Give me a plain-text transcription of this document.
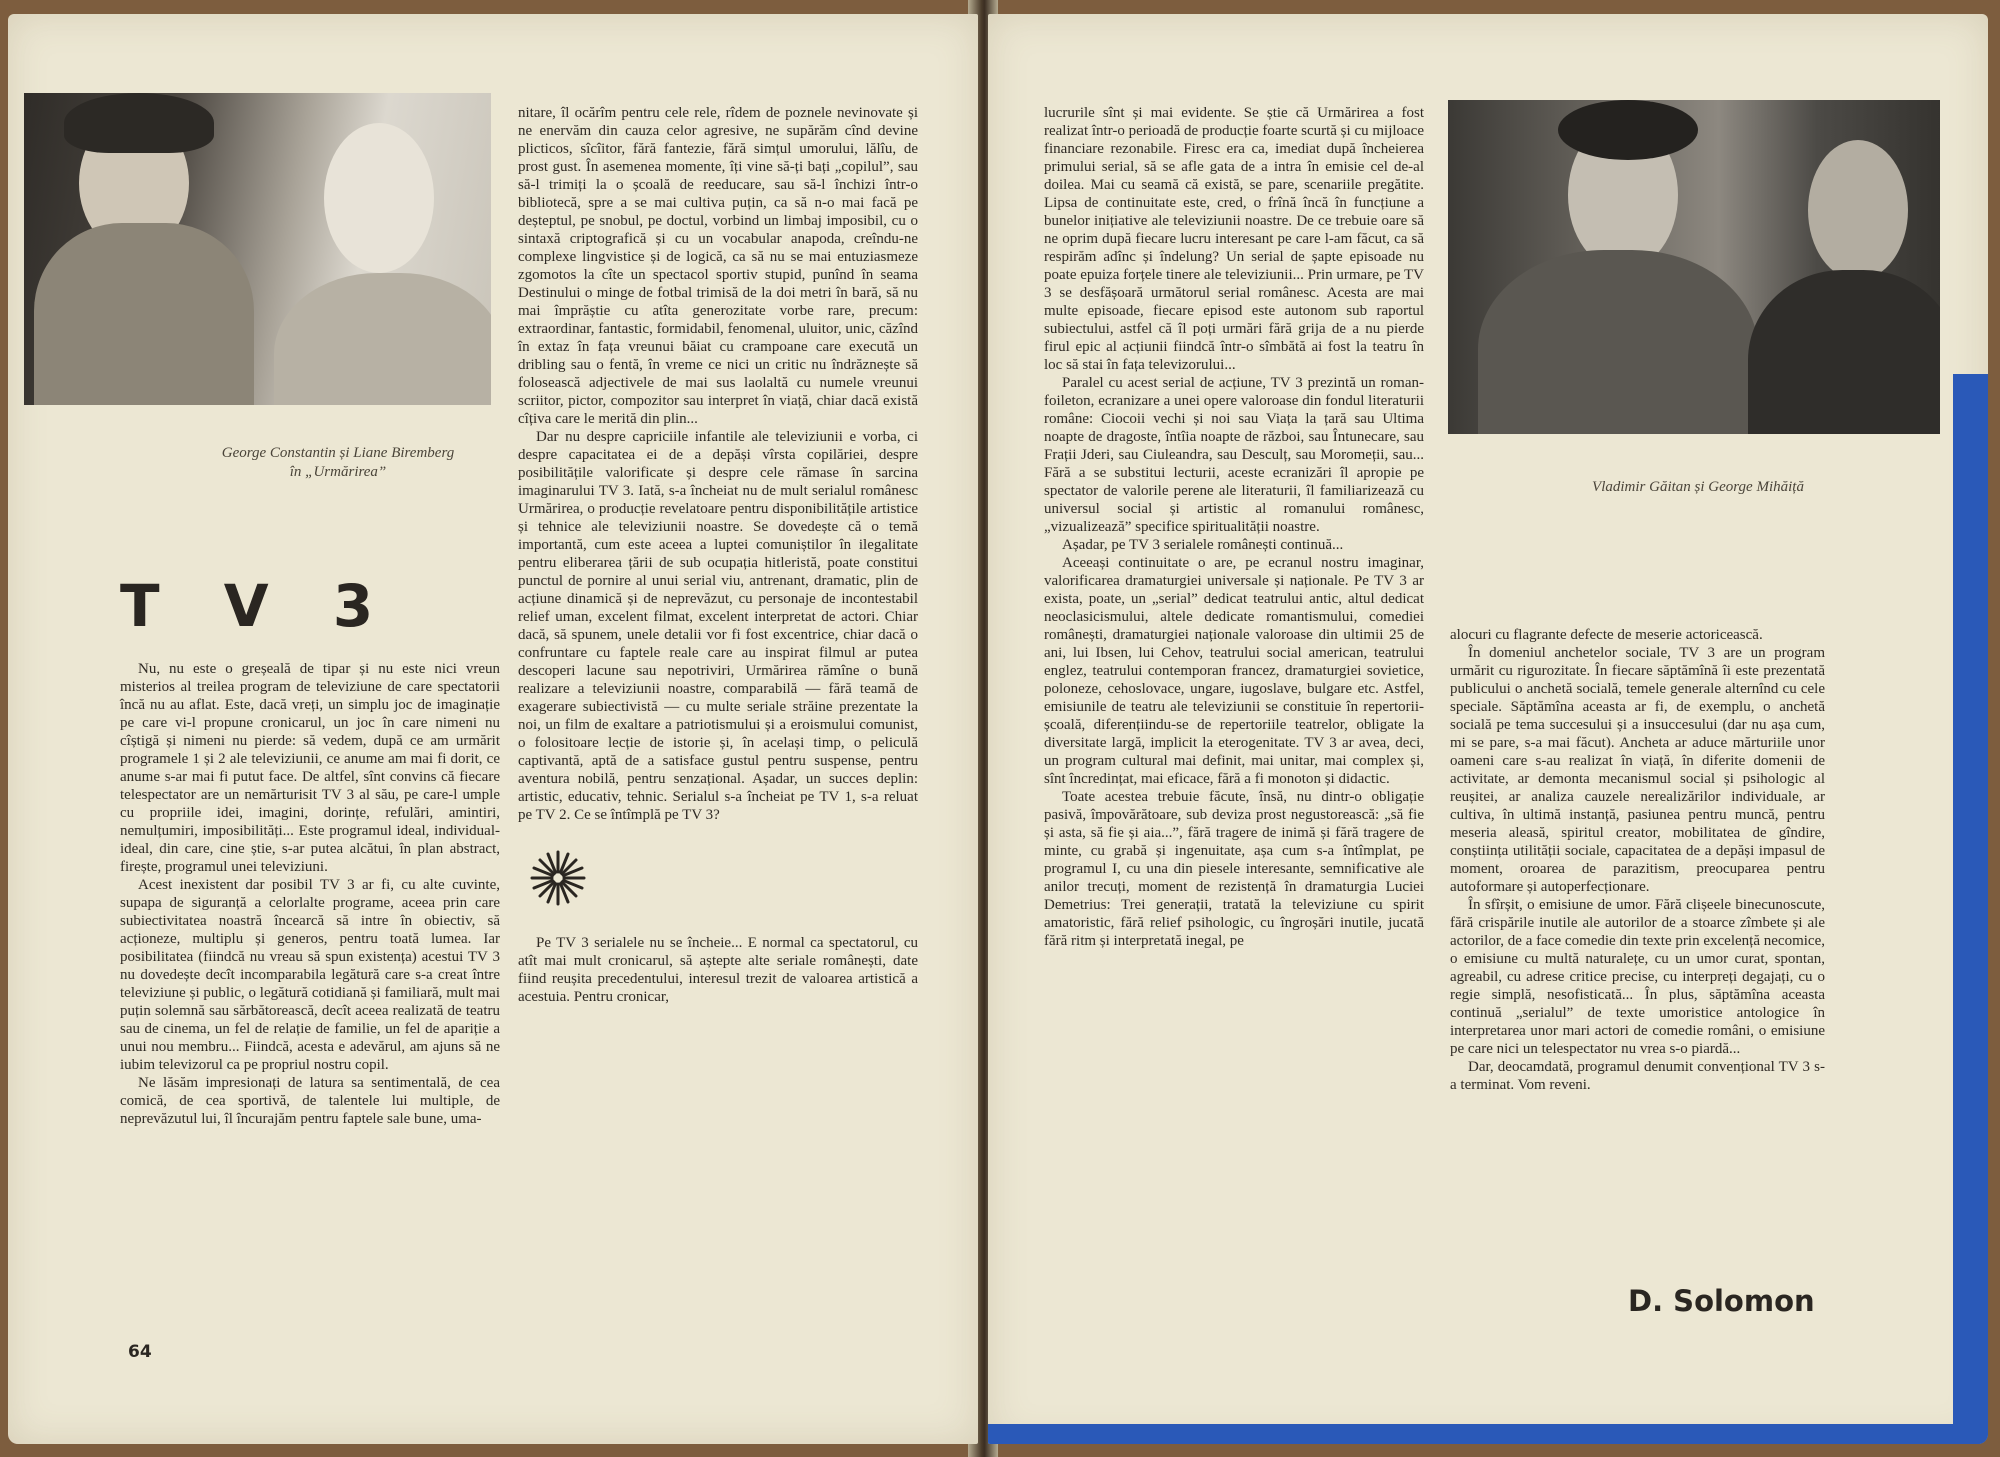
George Constantin și Liane Biremberg
în „Urmărirea”
T V 3

Nu, nu este o greșeală de tipar și nu este nici vreun misterios al treilea program de televiziune de care spectatorii încă nu au aflat. Este, dacă vreți, un simplu joc de imaginație pe care vi-l propune cronicarul, un joc în care nimeni nu cîștigă și nimeni nu pierde: să vedem, după ce am urmărit programele 1 și 2 ale televiziunii, ce anume am mai fi dorit, ce anume s-ar mai fi putut face. De altfel, sînt convins că fiecare telespectator are un nemărturisit TV 3 al său, pe care-l umple cu propriile idei, imagini, dorințe, refulări, amintiri, nemulțumiri, imposibilități... Este programul ideal, individual-ideal, din care, cine știe, s-ar putea alcătui, în plan abstract, firește, programul unei televiziuni.

Acest inexistent dar posibil TV 3 ar fi, cu alte cuvinte, supapa de siguranță a celorlalte programe, aceea prin care subiectivitatea noastră încearcă să intre în obiectiv, să acționeze, multiplu și generos, pentru toată lumea. Iar posibilitatea (fiindcă nu vreau să spun existența) acestui TV 3 nu dovedește decît incomparabila legătură care s-a creat între televiziune și public, o legătură cotidiană și familiară, mult mai puțin solemnă sau sărbătorească, decît aceea realizată de teatru sau de cinema, un fel de relație de familie, un fel de apariție a unui nou membru... Fiindcă, acesta e adevărul, am ajuns să ne iubim televizorul ca pe propriul nostru copil.

Ne lăsăm impresionați de latura sa sentimentală, de cea comică, de cea sportivă, de talentele lui multiple, de neprevăzutul lui, îl încurajăm pentru faptele sale bune, uma-

nitare, îl ocărîm pentru cele rele, rîdem de poznele nevinovate și ne enervăm din cauza celor agresive, ne supărăm cînd devine plicticos, sîcîitor, fără fantezie, fără simțul umorului, lălîu, de prost gust. În asemenea momente, îți vine să-ți bați „copilul”, sau să-l trimiți la o școală de reeducare, sau să-l închizi într-o bibliotecă, spre a se mai cultiva puțin, ca să n-o mai facă pe deșteptul, pe snobul, pe doctul, vorbind un limbaj imposibil, cu o sintaxă criptografică și cu un vocabular anapoda, creîndu-ne complexe lingvistice și de logică, ca să nu se mai entuziasmeze zgomotos la cîte un spectacol sportiv stupid, punînd în seama Destinului o minge de fotbal trimisă de la doi metri în bară, să nu mai împrăștie cu atîta generozitate vorbe rare, precum: extraordinar, fantastic, formidabil, fenomenal, uluitor, unic, căzînd în extaz în fața vreunui băiat cu crampoane care execută un dribling sau o fentă, în vreme ce nici un critic nu îndrăznește să folosească adjectivele de mai sus laolaltă cu numele vreunui scriitor, pictor, compozitor sau interpret în viață, chiar dacă există cîțiva care le merită din plin...

Dar nu despre capriciile infantile ale televiziunii e vorba, ci despre capacitatea ei de a depăși vîrsta copilăriei, despre posibilitățile valorificate și despre cele rămase în sarcina imaginarului TV 3. Iată, s-a încheiat nu de mult serialul românesc Urmărirea, o producție revelatoare pentru disponibilitățile artistice și tehnice ale televiziunii noastre. Se dovedește că o temă importantă, cum este aceea a luptei comuniștilor în ilegalitate pentru eliberarea țării de sub ocupația hitleristă, poate constitui punctul de pornire al unui serial viu, antrenant, dramatic, plin de acțiune dinamică și de neprevăzut, cu personaje de incontestabil relief uman, excelent filmat, excelent interpretat de actori. Chiar dacă, să spunem, unele detalii vor fi fost excentrice, chiar dacă o confruntare cu faptele reale care au inspirat filmul ar putea descoperi lacune sau nepotriviri, Urmărirea rămîne o bună realizare a televiziunii noastre, comparabilă — fără teamă de exagerare subiectivistă — cu multe seriale străine prezentate la noi, un film de exaltare a patriotismului și a eroismului comunist, o folositoare lecție de istorie și, în același timp, o peliculă captivantă, aptă de a satisface gustul pentru suspense, pentru aventura nobilă, pentru senzațional. Așadar, un succes deplin: artistic, educativ, tehnic. Serialul s-a încheiat pe TV 1, s-a reluat pe TV 2. Ce se întîmplă pe TV 3?

Pe TV 3 serialele nu se încheie... E normal ca spectatorul, cu atît mai mult cronicarul, să aștepte alte seriale românești, date fiind reușita precedentului, interesul trezit de valoarea artistică a acestuia. Pentru cronicar,

64

lucrurile sînt și mai evidente. Se știe că Urmărirea a fost realizat într-o perioadă de producție foarte scurtă și cu mijloace financiare rezonabile. Firesc era ca, imediat după încheierea primului serial, să se afle gata de a intra în emisie cel de-al doilea. Mai cu seamă că există, se pare, scenariile pregătite. Lipsa de continuitate este, cred, o frînă încă în funcțiune a bunelor inițiative ale televiziunii noastre. De ce trebuie oare să ne oprim după fiecare lucru interesant pe care l-am făcut, ca să respirăm adînc și îndelung? Un serial de șapte episoade nu poate epuiza forțele tinere ale televiziunii... Prin urmare, pe TV 3 se desfășoară următorul serial românesc. Acesta are mai multe episoade, fiecare episod este autonom sub raportul subiectului, astfel că îl poți urmări fără grija de a nu pierde firul epic al acțiunii fiindcă într-o sîmbătă ai fost la teatru în loc să stai în fața televizorului...

Paralel cu acest serial de acțiune, TV 3 prezintă un roman-foileton, ecranizare a unei opere valoroase din fondul literaturii române: Ciocoii vechi și noi sau Viața la țară sau Ultima noapte de dragoste, întîia noapte de război, sau Întunecare, sau Frații Jderi, sau Ciuleandra, sau Desculț, sau Moromeții, sau... Fără a se substitui lecturii, aceste ecranizări îl apropie pe spectator de valorile perene ale literaturii, îl familiarizează cu universul social și artistic al romanului românesc, „vizualizează” specifice spiritualității noastre.

Așadar, pe TV 3 serialele românești continuă...

Aceeași continuitate o are, pe ecranul nostru imaginar, valorificarea dramaturgiei universale și naționale. Pe TV 3 ar exista, poate, un „serial” dedicat teatrului antic, altul dedicat neoclasicismului, altele dedicate romantismului, comediei românești, dramaturgiei naționale valoroase din ultimii 25 de ani, lui Ibsen, lui Cehov, teatrului social american, teatrului englez, teatrului contemporan francez, dramaturgiei sovietice, poloneze, cehoslovace, ungare, iugoslave, bulgare etc. Astfel, emisiunile de teatru ale televiziunii se constituie în repertorii-școală, diferențiindu-se de repertoriile teatrelor, obligate la diversitate largă, implicit la eterogenitate. TV 3 ar avea, deci, un program cultural mai definit, mai unitar, mai complex și, sînt încredințat, mai eficace, fără a fi monoton și didactic.

Toate acestea trebuie făcute, însă, nu dintr-o obligație pasivă, împovărătoare, sub deviza prost negustorească: „să fie și asta, să fie și aia...”, fără tragere de inimă și fără tragere de minte, cu grabă și ingenuitate, așa cum s-a întîmplat, pe programul I, cu una din piesele interesante, semnificative ale anilor trecuți, moment de rezistență în dramaturgia Luciei Demetrius: Trei generații, tratată la televiziune cu spirit amatoristic, fără relief psihologic, cu îngroșări inutile, jucată fără ritm și interpretată inegal, pe

Vladimir Găitan și George Mihăiță

alocuri cu flagrante defecte de meserie actoricească.

În domeniul anchetelor sociale, TV 3 are un program urmărit cu rigurozitate. În fiecare săptămînă îi este prezentată publicului o anchetă socială, temele generale alternînd cu cele speciale. Săptămîna aceasta ar fi, de exemplu, o anchetă socială pe tema succesului și a insuccesului (dar nu așa cum, mi se pare, s-a mai făcut). Ancheta ar aduce mărturiile unor oameni care s-au realizat în viață, în diferite domenii de activitate, ar demonta mecanismul social și psihologic al reușitei, ar analiza cauzele nerealizărilor individuale, ar cultiva, în ultimă instanță, pasiunea pentru muncă, pentru meseria aleasă, spiritul creator, mobilitatea de gîndire, conștiința utilității sociale, capacitatea de a depăși impasul de moment, oroarea de parazitism, preocuparea pentru autoformare și autoperfecționare.

În sfîrșit, o emisiune de umor. Fără clișeele binecunoscute, fără crispările inutile ale autorilor de a stoarce zîmbete și ale actorilor, de a face comedie din texte prin excelență necomice, o emisiune cu multă naturalețe, cu un umor curat, spontan, agreabil, cu adrese critice precise, cu interpreți degajați, cu o regie simplă, nesofisticată... În plus, săptămîna aceasta continuă „serialul” de texte umoristice antologice în interpretarea unor mari actori de comedie români, o emisiune pe care nici un telespectator nu vrea s-o piardă...

Dar, deocamdată, programul denumit convențional TV 3 s-a terminat. Vom reveni.

D. Solomon
